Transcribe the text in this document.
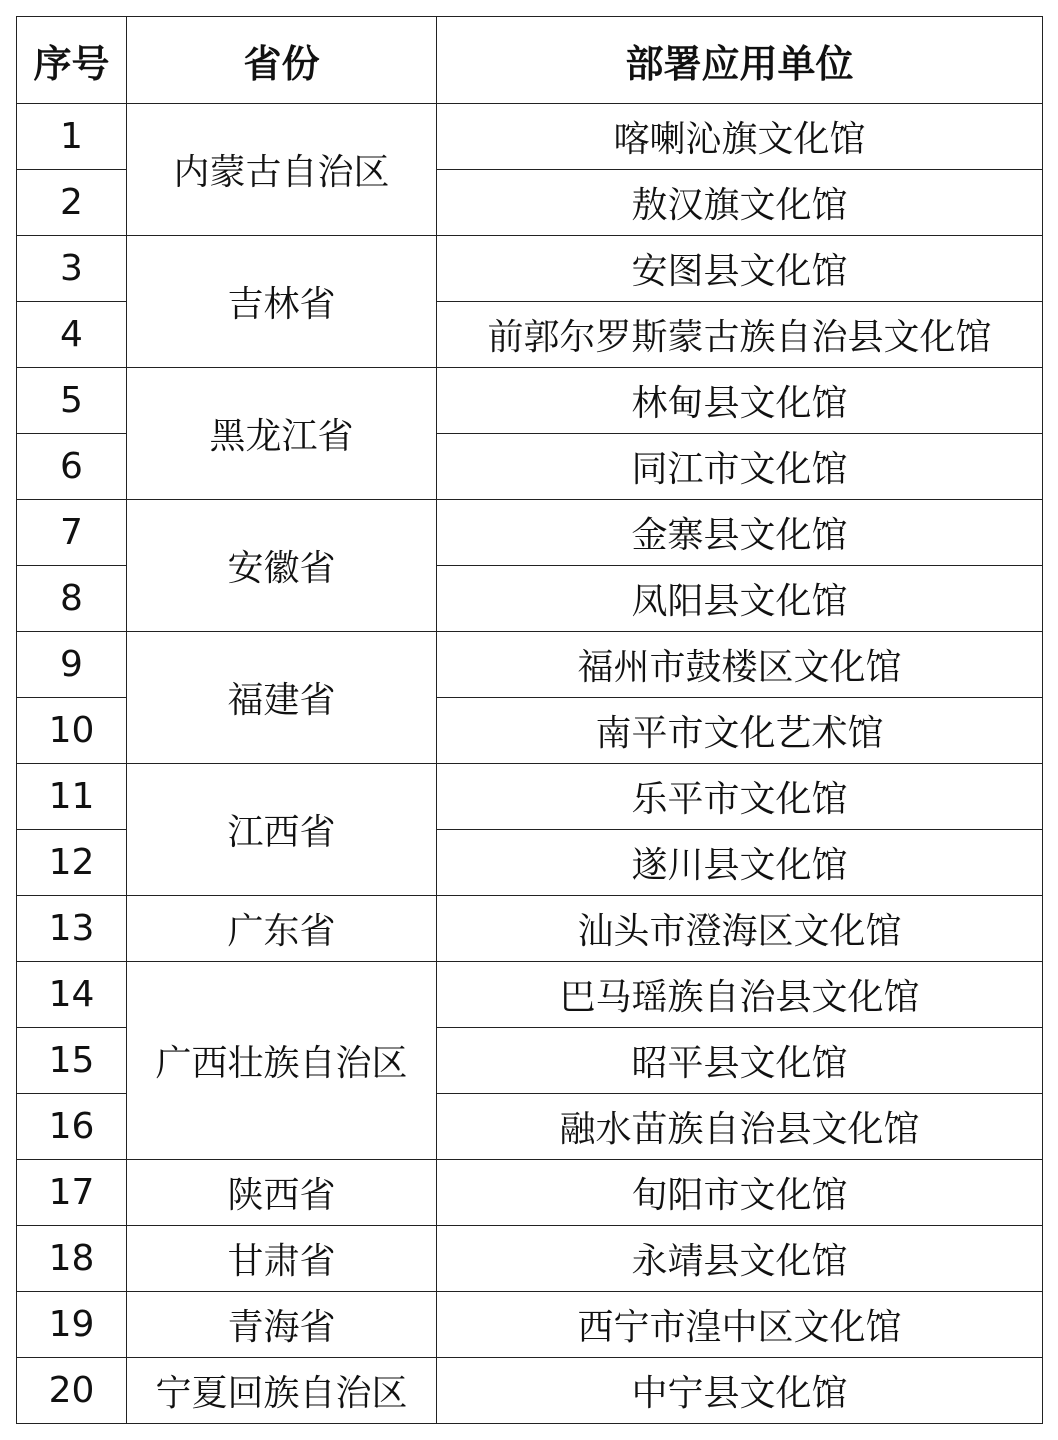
序号	省份	部署应用单位
1	内蒙古自治区	喀喇沁旗文化馆
2		敖汉旗文化馆
3	吉林省	安图县文化馆
4		前郭尔罗斯蒙古族自治县文化馆
5	黑龙江省	林甸县文化馆
6		同江市文化馆
7	安徽省	金寨县文化馆
8		凤阳县文化馆
9	福建省	福州市鼓楼区文化馆
10		南平市文化艺术馆
11	江西省	乐平市文化馆
12		遂川县文化馆
13	广东省	汕头市澄海区文化馆
14	广西壮族自治区	巴马瑶族自治县文化馆
15		昭平县文化馆
16		融水苗族自治县文化馆
17	陕西省	旬阳市文化馆
18	甘肃省	永靖县文化馆
19	青海省	西宁市湟中区文化馆
20	宁夏回族自治区	中宁县文化馆
